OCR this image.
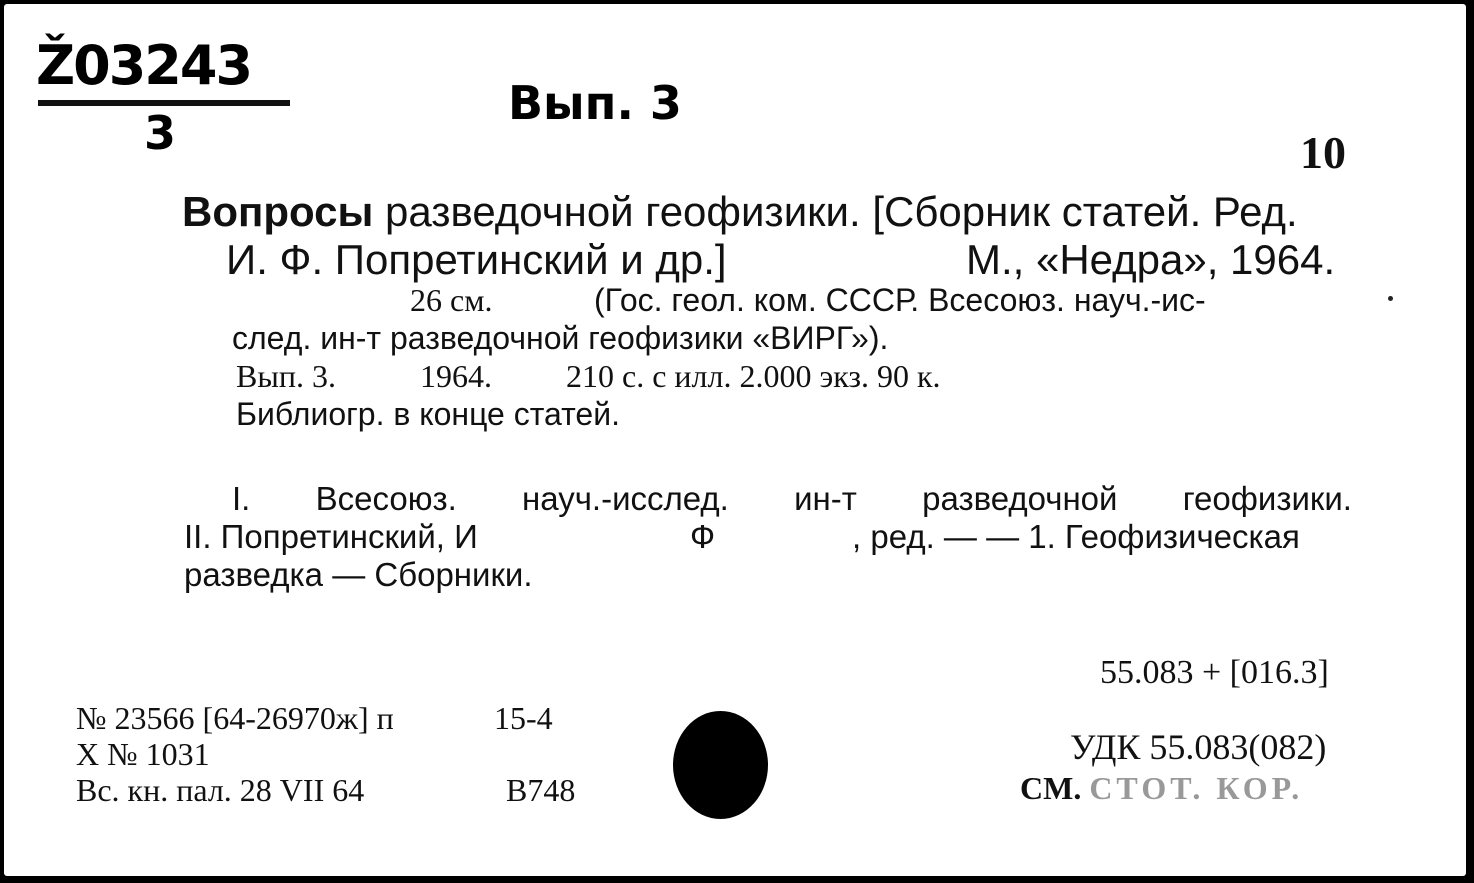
Ž03243
3
Вып. 3
10
Вопросы разведочной геофизики. [Сборник статей. Ред.
И. Ф. Попретинский и др.]	М., «Недра», 1964.
26 см.	(Гос. геол. ком. СССР. Всесоюз. науч.-ис-
след. ин-т разведочной геофизики «ВИРГ»).
Вып. 3.	1964. 210 с. с илл. 2.000 экз. 90 к.
Библиогр. в конце статей.
I. Всесоюз. науч.-исслед. ин-т разведочной геофизики.
II. Попретинский, И	Ф	, ред. — — 1. Геофизическая
разведка — Сборники.
55.083 + [016.3]
УДК 55.083(082)
СМ. СТОТ. КОР.
№ 23566 [64-26970ж] п	15-4
Х № 1031
Вс. кн. пал. 28 VII 64	В748
